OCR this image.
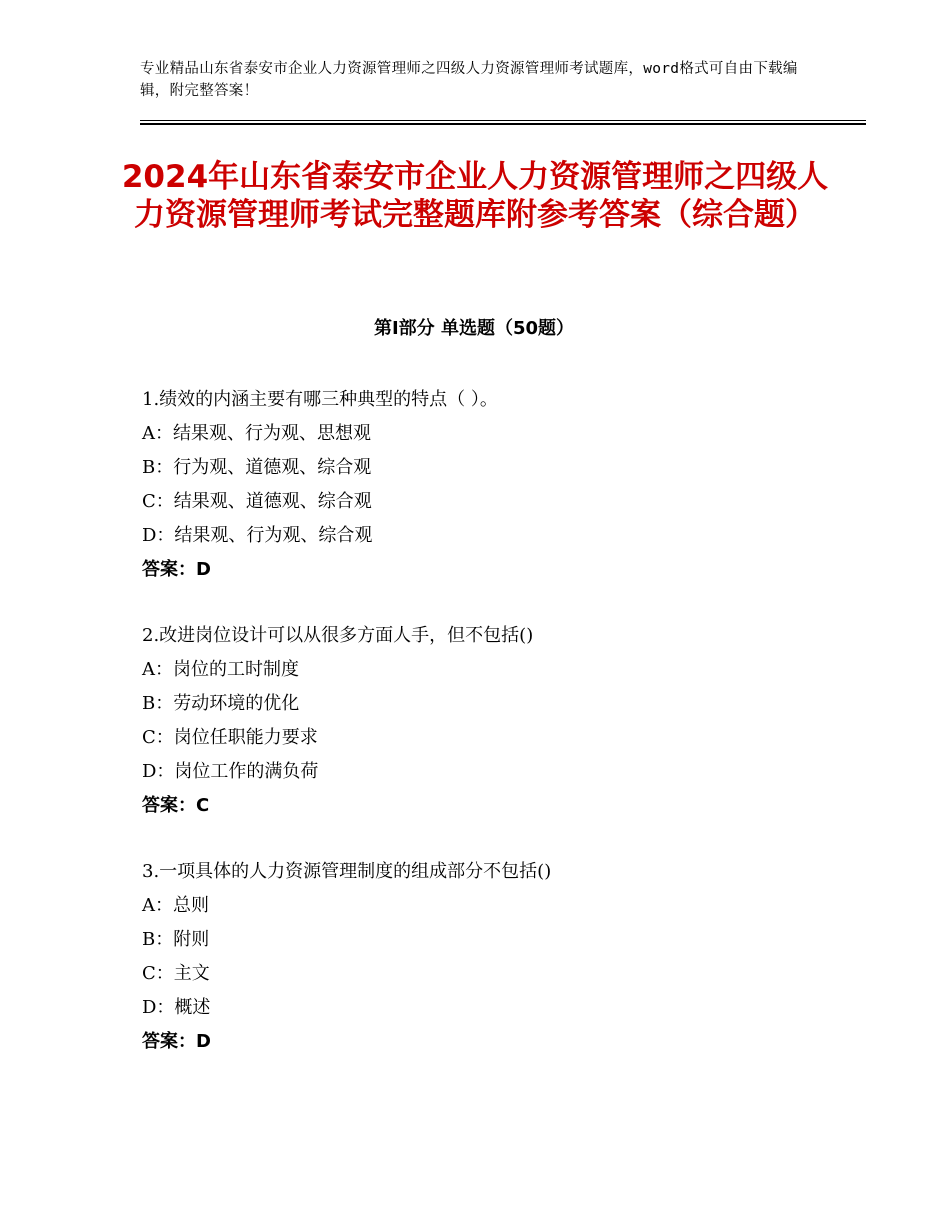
专业精品山东省泰安市企业人力资源管理师之四级人力资源管理师考试题库，word格式可自由下载编辑，附完整答案！
2024年山东省泰安市企业人力资源管理师之四级人力资源管理师考试完整题库附参考答案（综合题）
第Ⅰ部分 单选题（50题）
1.绩效的内涵主要有哪三种典型的特点（ ）。
A：结果观、行为观、思想观
B：行为观、道德观、综合观
C：结果观、道德观、综合观
D：结果观、行为观、综合观
答案：D
2.改进岗位设计可以从很多方面人手，但不包括()
A：岗位的工时制度
B：劳动环境的优化
C：岗位任职能力要求
D：岗位工作的满负荷
答案：C
3.一项具体的人力资源管理制度的组成部分不包括()
A：总则
B：附则
C：主文
D：概述
答案：D
